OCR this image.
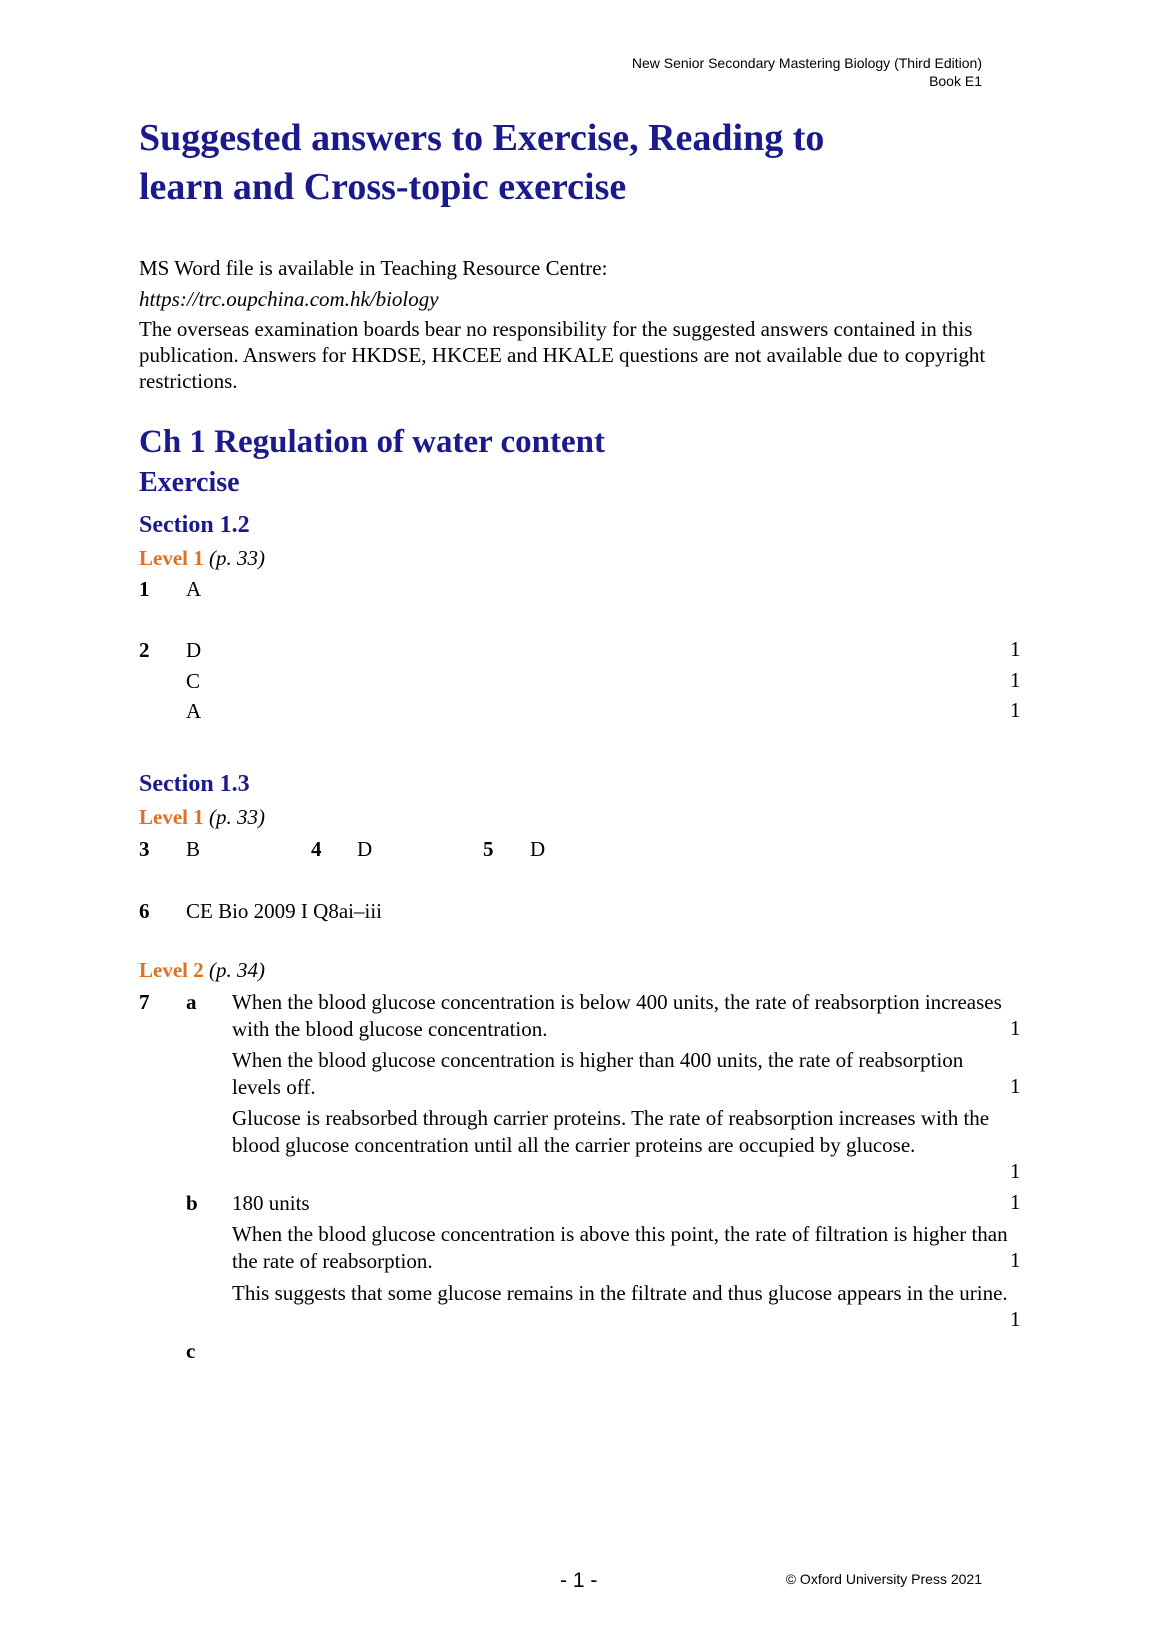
New Senior Secondary Mastering Biology (Third Edition)
Book E1
Suggested answers to Exercise, Reading to learn and Cross-topic exercise
MS Word file is available in Teaching Resource Centre:
https://trc.oupchina.com.hk/biology
The overseas examination boards bear no responsibility for the suggested answers contained in this publication. Answers for HKDSE, HKCEE and HKALE questions are not available due to copyright restrictions.
Ch 1 Regulation of water content
Exercise
Section 1.2
Level 1 (p. 33)
1 A
2 D	1
C	1
A	1
Section 1.3
Level 1 (p. 33)
3 B	4 D	5 D
6 CE Bio 2009 I Q8ai–iii
Level 2 (p. 34)
7 a When the blood glucose concentration is below 400 units, the rate of reabsorption increases with the blood glucose concentration.	1
When the blood glucose concentration is higher than 400 units, the rate of reabsorption levels off.	1
Glucose is reabsorbed through carrier proteins. The rate of reabsorption increases with the blood glucose concentration until all the carrier proteins are occupied by glucose.
1
b 180 units	1
When the blood glucose concentration is above this point, the rate of filtration is higher than the rate of reabsorption.	1
This suggests that some glucose remains in the filtrate and thus glucose appears in the urine.
1
c
- 1 -	© Oxford University Press 2021
